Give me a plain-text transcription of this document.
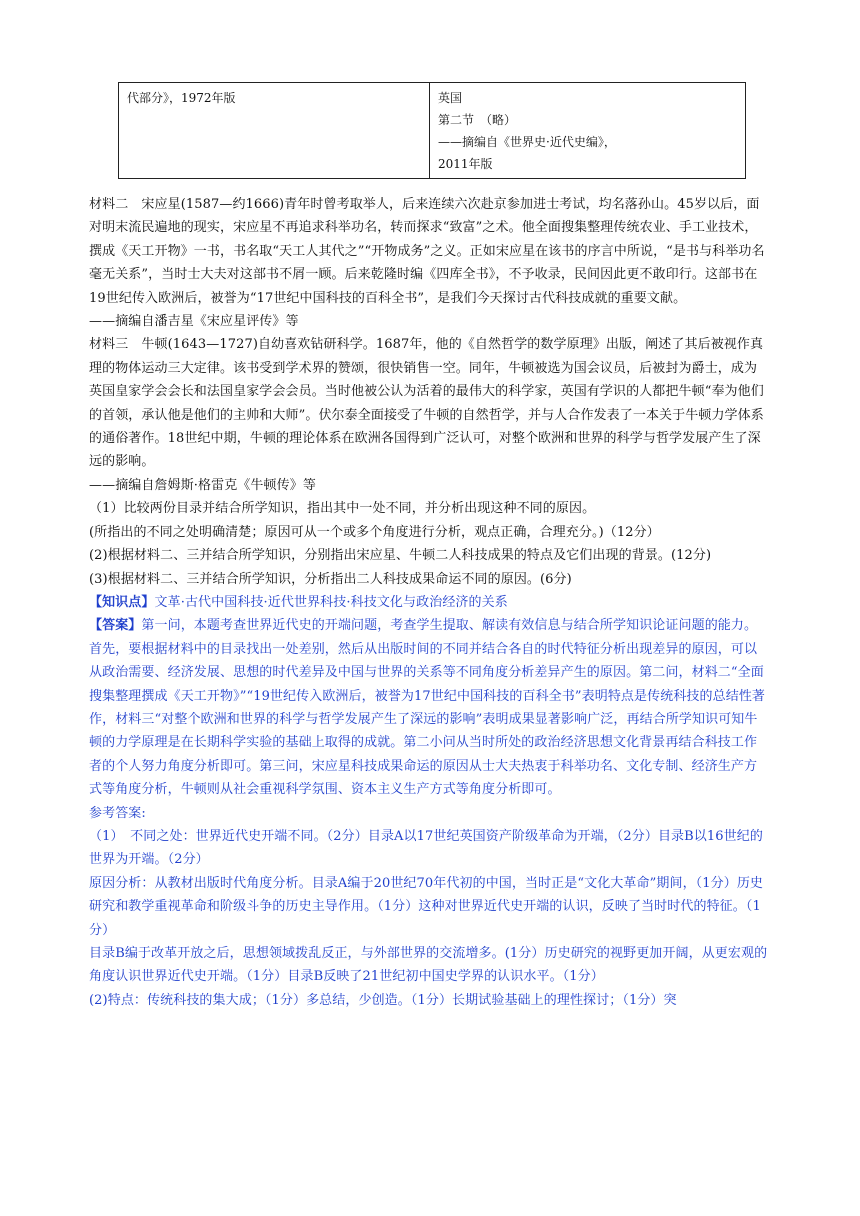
代部分》，1972年版	英国
第二节　（略）
——摘编自《世界史·近代史编》，
2011年版

材料二　宋应星(1587—约1666)青年时曾考取举人，后来连续六次赴京参加进士考试，均名落孙山。45岁以后，面对明末流民遍地的现实，宋应星不再追求科举功名，转而探求“致富”之术。他全面搜集整理传统农业、手工业技术，撰成《天工开物》一书，书名取“天工人其代之”“开物成务”之义。正如宋应星在该书的序言中所说，“是书与科举功名毫无关系”，当时士大夫对这部书不屑一顾。后来乾隆时编《四库全书》，不予收录，民间因此更不敢印行。这部书在19世纪传入欧洲后，被誉为“17世纪中国科技的百科全书”，是我们今天探讨古代科技成就的重要文献。

——摘编自潘吉星《宋应星评传》等

材料三　牛顿(1643—1727)自幼喜欢钻研科学。1687年，他的《自然哲学的数学原理》出版，阐述了其后被视作真理的物体运动三大定律。该书受到学术界的赞颂，很快销售一空。同年，牛顿被选为国会议员，后被封为爵士，成为英国皇家学会会长和法国皇家学会会员。当时他被公认为活着的最伟大的科学家，英国有学识的人都把牛顿“奉为他们的首领，承认他是他们的主帅和大师”。伏尔泰全面接受了牛顿的自然哲学，并与人合作发表了一本关于牛顿力学体系的通俗著作。18世纪中期，牛顿的理论体系在欧洲各国得到广泛认可，对整个欧洲和世界的科学与哲学发展产生了深远的影响。

——摘编自詹姆斯·格雷克《牛顿传》等

（1）比较两份目录并结合所学知识，指出其中一处不同，并分析出现这种不同的原因。

(所指出的不同之处明确清楚；原因可从一个或多个角度进行分析，观点正确，合理充分。)（12分）

(2)根据材料二、三并结合所学知识，分别指出宋应星、牛顿二人科技成果的特点及它们出现的背景。(12分)

(3)根据材料二、三并结合所学知识，分析指出二人科技成果命运不同的原因。(6分)

【知识点】文革·古代中国科技·近代世界科技·科技文化与政治经济的关系

【答案】第一问，本题考查世界近代史的开端问题，考查学生提取、解读有效信息与结合所学知识论证问题的能力。首先，要根据材料中的目录找出一处差别，然后从出版时间的不同并结合各自的时代特征分析出现差异的原因，可以从政治需要、经济发展、思想的时代差异及中国与世界的关系等不同角度分析差异产生的原因。第二问，材料二“全面搜集整理撰成《天工开物》”“19世纪传入欧洲后，被誉为17世纪中国科技的百科全书”表明特点是传统科技的总结性著作，材料三“对整个欧洲和世界的科学与哲学发展产生了深远的影响”表明成果显著影响广泛，再结合所学知识可知牛顿的力学原理是在长期科学实验的基础上取得的成就。第二小问从当时所处的政治经济思想文化背景再结合科技工作者的个人努力角度分析即可。第三问，宋应星科技成果命运的原因从士大夫热衷于科举功名、文化专制、经济生产方式等角度分析，牛顿则从社会重视科学氛围、资本主义生产方式等角度分析即可。

参考答案:

（1）　不同之处：世界近代史开端不同。（2分）目录A以17世纪英国资产阶级革命为开端，（2分）目录B以16世纪的世界为开端。（2分）

原因分析：从教材出版时代角度分析。目录A编于20世纪70年代初的中国，当时正是“文化大革命”期间，（1分）历史研究和教学重视革命和阶级斗争的历史主导作用。（1分）这种对世界近代史开端的认识，反映了当时时代的特征。（1分）

目录B编于改革开放之后，思想领域拨乱反正，与外部世界的交流增多。(1分）历史研究的视野更加开阔，从更宏观的角度认识世界近代史开端。（1分）目录B反映了21世纪初中国史学界的认识水平。（1分）

(2)特点：传统科技的集大成；（1分）多总结，少创造。（1分）长期试验基础上的理性探讨；（1分）突
